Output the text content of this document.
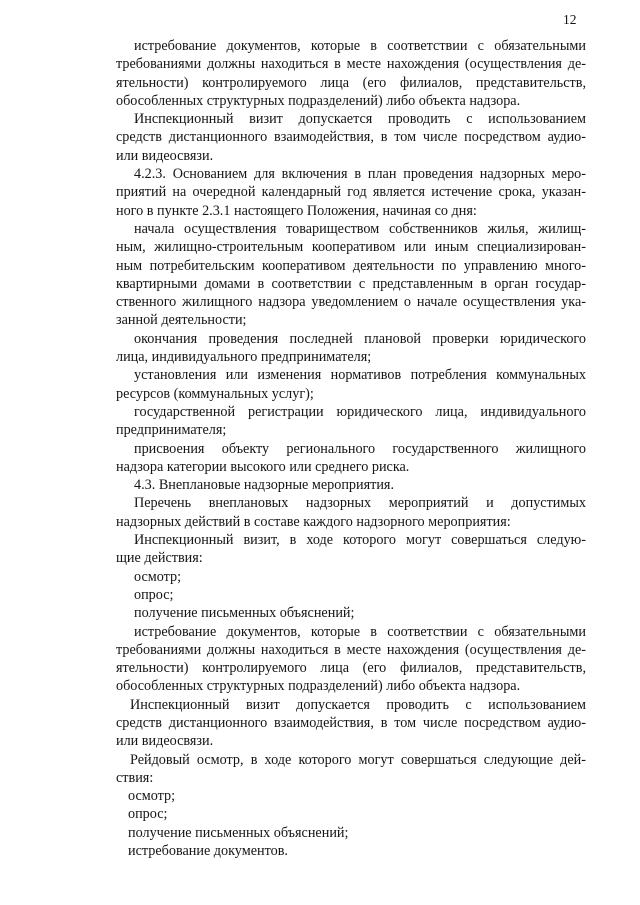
12
истребование документов, которые в соответствии с обязательными
требованиями должны находиться в месте нахождения (осуществления де-
ятельности) контролируемого лица (его филиалов, представительств,
обособленных структурных подразделений) либо объекта надзора.
Инспекционный визит допускается проводить с использованием
средств дистанционного взаимодействия, в том числе посредством аудио-
или видеосвязи.
4.2.3. Основанием для включения в план проведения надзорных меро-
приятий на очередной календарный год является истечение срока, указан-
ного в пункте 2.3.1 настоящего Положения, начиная со дня:
начала осуществления товариществом собственников жилья, жилищ-
ным, жилищно-строительным кооперативом или иным специализирован-
ным потребительским кооперативом деятельности по управлению много-
квартирными домами в соответствии с представленным в орган государ-
ственного жилищного надзора уведомлением о начале осуществления ука-
занной деятельности;
окончания проведения последней плановой проверки юридического
лица, индивидуального предпринимателя;
установления или изменения нормативов потребления коммунальных
ресурсов (коммунальных услуг);
государственной регистрации юридического лица, индивидуального
предпринимателя;
присвоения объекту регионального государственного жилищного
надзора категории высокого или среднего риска.
4.3. Внеплановые надзорные мероприятия.
Перечень внеплановых надзорных мероприятий и допустимых
надзорных действий в составе каждого надзорного мероприятия:
Инспекционный визит, в ходе которого могут совершаться следую-
щие действия:
осмотр;
опрос;
получение письменных объяснений;
истребование документов, которые в соответствии с обязательными
требованиями должны находиться в месте нахождения (осуществления де-
ятельности) контролируемого лица (его филиалов, представительств,
обособленных структурных подразделений) либо объекта надзора.
Инспекционный визит допускается проводить с использованием
средств дистанционного взаимодействия, в том числе посредством аудио-
или видеосвязи.
Рейдовый осмотр, в ходе которого могут совершаться следующие дей-
ствия:
осмотр;
опрос;
получение письменных объяснений;
истребование документов.
